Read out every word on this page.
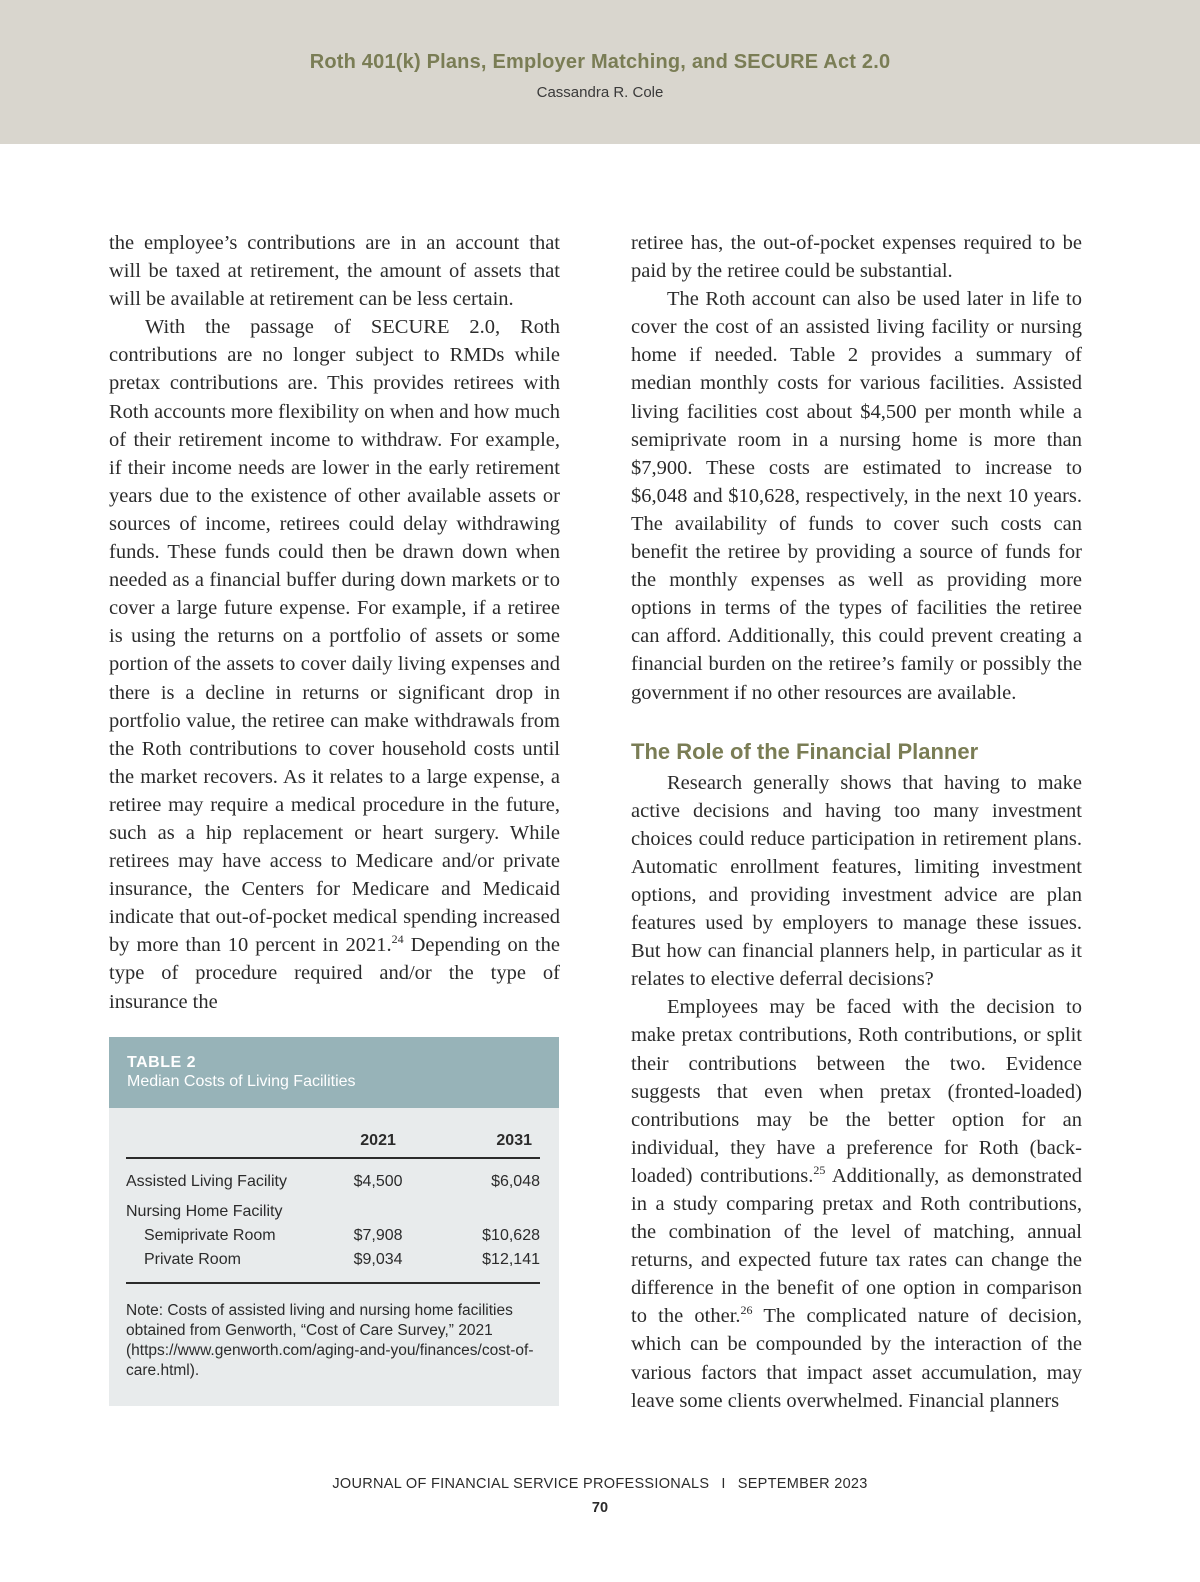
Roth 401(k) Plans, Employer Matching, and SECURE Act 2.0
Cassandra R. Cole

the employee’s contributions are in an account that will be taxed at retirement, the amount of assets that will be available at retirement can be less certain.

With the passage of SECURE 2.0, Roth contributions are no longer subject to RMDs while pretax contributions are. This provides retirees with Roth accounts more flexibility on when and how much of their retirement income to withdraw. For example, if their income needs are lower in the early retirement years due to the existence of other available assets or sources of income, retirees could delay withdrawing funds. These funds could then be drawn down when needed as a financial buffer during down markets or to cover a large future expense. For example, if a retiree is using the returns on a portfolio of assets or some portion of the assets to cover daily living expenses and there is a decline in returns or significant drop in portfolio value, the retiree can make withdrawals from the Roth contributions to cover household costs until the market recovers. As it relates to a large expense, a retiree may require a medical procedure in the future, such as a hip replacement or heart surgery. While retirees may have access to Medicare and/or private insurance, the Centers for Medicare and Medicaid indicate that out-of-pocket medical spending increased by more than 10 percent in 2021.24 Depending on the type of procedure required and/or the type of insurance the

TABLE 2
Median Costs of Living Facilities
	2021	2031
Assisted Living Facility	$4,500	$6,048
Nursing Home Facility		
Semiprivate Room	$7,908	$10,628
Private Room	$9,034	$12,141

Note: Costs of assisted living and nursing home facilities obtained from Genworth, “Cost of Care Survey,” 2021 (https://www.genworth.com/aging-and-you/finances/cost-of-care.html).

retiree has, the out-of-pocket expenses required to be paid by the retiree could be substantial.

The Roth account can also be used later in life to cover the cost of an assisted living facility or nursing home if needed. Table 2 provides a summary of median monthly costs for various facilities. Assisted living facilities cost about $4,500 per month while a semiprivate room in a nursing home is more than $7,900. These costs are estimated to increase to $6,048 and $10,628, respectively, in the next 10 years. The availability of funds to cover such costs can benefit the retiree by providing a source of funds for the monthly expenses as well as providing more options in terms of the types of facilities the retiree can afford. Additionally, this could prevent creating a financial burden on the retiree’s family or possibly the government if no other resources are available.

The Role of the Financial Planner

Research generally shows that having to make active decisions and having too many investment choices could reduce participation in retirement plans. Automatic enrollment features, limiting investment options, and providing investment advice are plan features used by employers to manage these issues. But how can financial planners help, in particular as it relates to elective deferral decisions?

Employees may be faced with the decision to make pretax contributions, Roth contributions, or split their contributions between the two. Evidence suggests that even when pretax (fronted-loaded) contributions may be the better option for an individual, they have a preference for Roth (back-loaded) contributions.$^{25}$ Additionally, as demonstrated in a study comparing pretax and Roth contributions, the combination of the level of matching, annual returns, and expected future tax rates can change the difference in the benefit of one option in comparison to the other.$^{26}$ The complicated nature of decision, which can be compounded by the interaction of the various factors that impact asset accumulation, may leave some clients overwhelmed. Financial planners

JOURNAL OF FINANCIAL SERVICE PROFESSIONALS I SEPTEMBER 2023
70
